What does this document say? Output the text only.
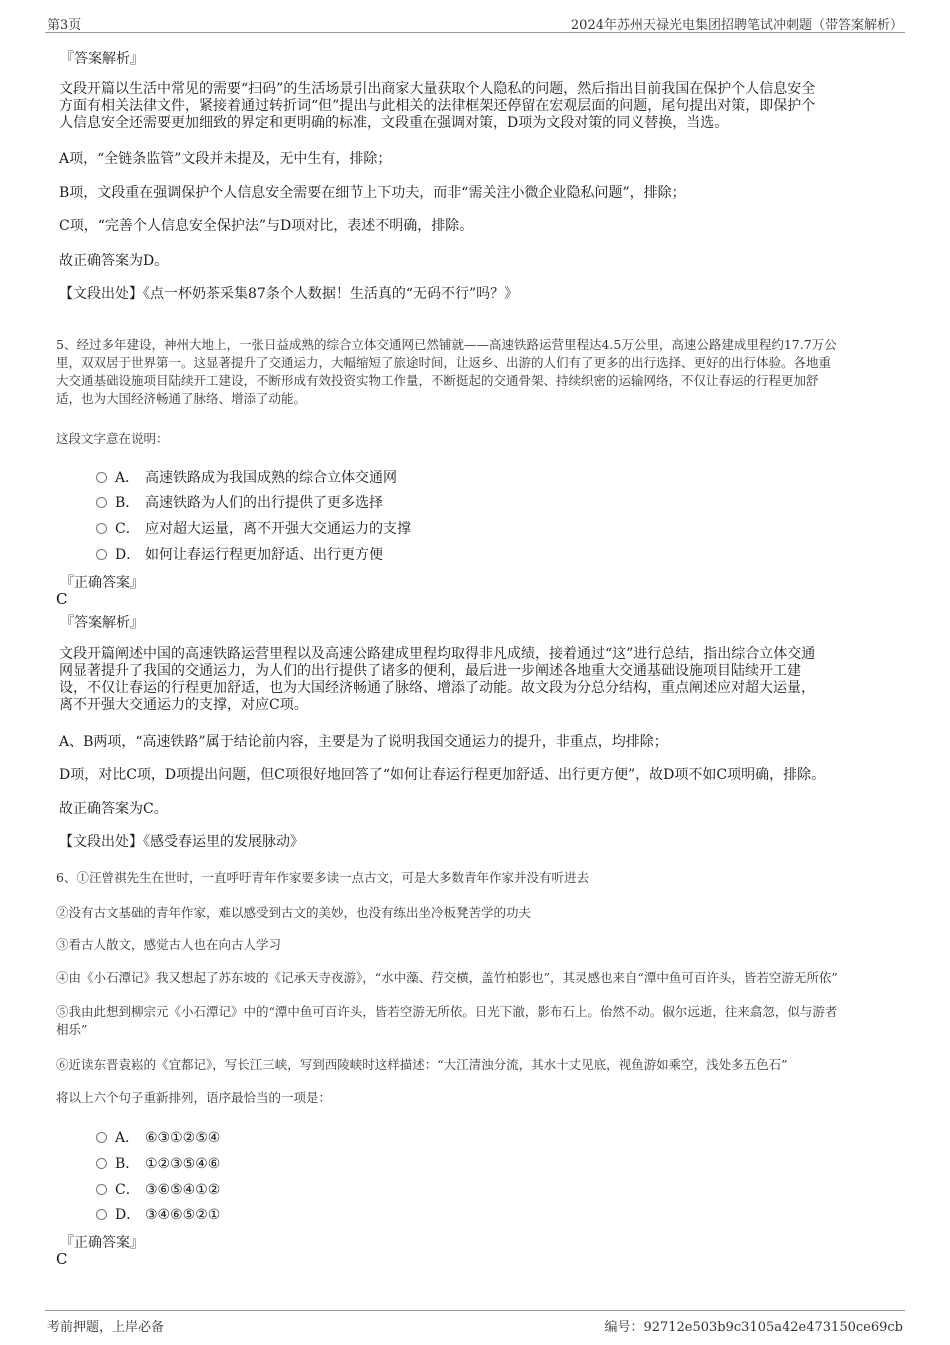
第3页	2024年苏州天禄光电集团招聘笔试冲刺题（带答案解析）
『答案解析』
文段开篇以生活中常见的需要“扫码”的生活场景引出商家大量获取个人隐私的问题，然后指出目前我国在保护个人信息安全
方面有相关法律文件，紧接着通过转折词“但”提出与此相关的法律框架还停留在宏观层面的问题，尾句提出对策，即保护个
人信息安全还需要更加细致的界定和更明确的标准，文段重在强调对策，D项为文段对策的同义替换，当选。
A项，“全链条监管”文段并未提及，无中生有，排除；
B项，文段重在强调保护个人信息安全需要在细节上下功夫，而非“需关注小微企业隐私问题”，排除；
C项，“完善个人信息安全保护法”与D项对比，表述不明确，排除。
故正确答案为D。
【文段出处】《点一杯奶茶采集87条个人数据！生活真的“无码不行”吗？》
5、经过多年建设，神州大地上，一张日益成熟的综合立体交通网已然铺就——高速铁路运营里程达4.5万公里，高速公路建成里程约17.7万公
里，双双居于世界第一。这显著提升了交通运力，大幅缩短了旅途时间，让返乡、出游的人们有了更多的出行选择、更好的出行体验。各地重
大交通基础设施项目陆续开工建设，不断形成有效投资实物工作量，不断挺起的交通骨架、持续织密的运输网络，不仅让春运的行程更加舒
适，也为大国经济畅通了脉络、增添了动能。
这段文字意在说明：
A． 高速铁路成为我国成熟的综合立体交通网
B． 高速铁路为人们的出行提供了更多选择
C． 应对超大运量，离不开强大交通运力的支撑
D． 如何让春运行程更加舒适、出行更方便
『正确答案』
C
『答案解析』
文段开篇阐述中国的高速铁路运营里程以及高速公路建成里程均取得非凡成绩，接着通过“这”进行总结，指出综合立体交通
网显著提升了我国的交通运力，为人们的出行提供了诸多的便利，最后进一步阐述各地重大交通基础设施项目陆续开工建
设，不仅让春运的行程更加舒适，也为大国经济畅通了脉络、增添了动能。故文段为分总分结构，重点阐述应对超大运量，
离不开强大交通运力的支撑，对应C项。
A、B两项，“高速铁路”属于结论前内容，主要是为了说明我国交通运力的提升，非重点，均排除；
D项，对比C项，D项提出问题，但C项很好地回答了“如何让春运行程更加舒适、出行更方便”，故D项不如C项明确，排除。
故正确答案为C。
【文段出处】《感受春运里的发展脉动》
6、①汪曾祺先生在世时，一直呼吁青年作家要多读一点古文，可是大多数青年作家并没有听进去
②没有古文基础的青年作家，难以感受到古文的美妙，也没有练出坐冷板凳苦学的功夫
③看古人散文，感觉古人也在向古人学习
④由《小石潭记》我又想起了苏东坡的《记承天寺夜游》，“水中藻、荇交横，盖竹柏影也”，其灵感也来自“潭中鱼可百许头，皆若空游无所依”
⑤我由此想到柳宗元《小石潭记》中的“潭中鱼可百许头，皆若空游无所依。日光下澈，影布石上。佁然不动。俶尔远逝，往来翕忽，似与游者
相乐”
⑥近读东晋袁崧的《宜都记》，写长江三峡，写到西陵峡时这样描述：“大江清浊分流，其水十丈见底，视鱼游如乘空，浅处多五色石”
将以上六个句子重新排列，语序最恰当的一项是：
A． ⑥③①②⑤④
B． ①②③⑤④⑥
C． ③⑥⑤④①②
D． ③④⑥⑤②①
『正确答案』
C
考前押题，上岸必备	编号：92712e503b9c3105a42e473150ce69cb
